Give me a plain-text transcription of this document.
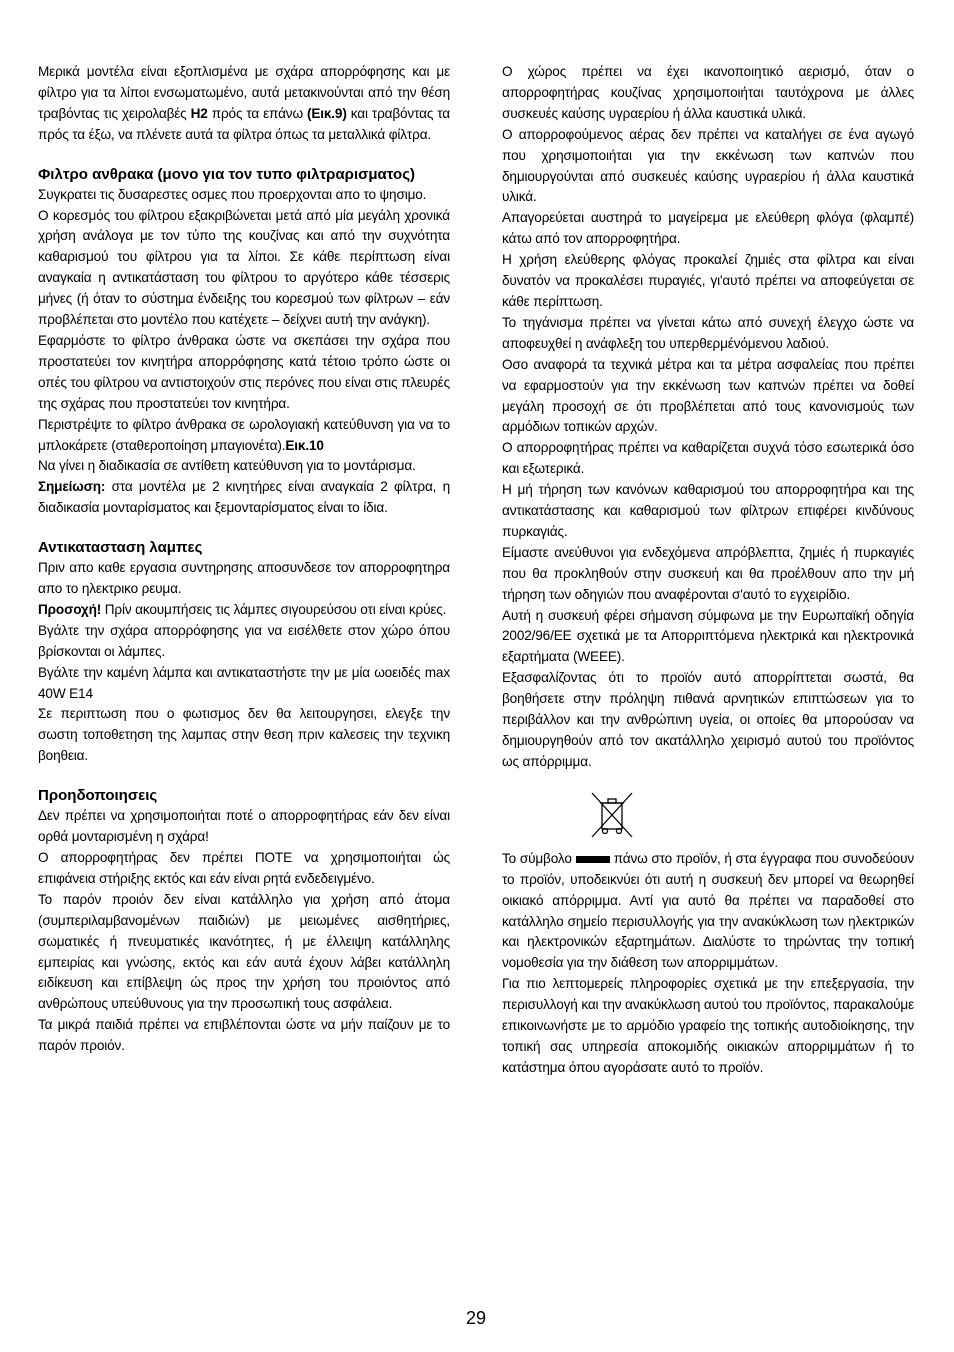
Μερικά μοντέλα είναι εξοπλισμένα με σχάρα απορρόφησης και με φίλτρο για τα λίποι ενσωματωμένο, αυτά μετακινούνται από την θέση τραβόντας τις χειρολαβές H2 πρός τα επάνω (Εικ.9) και τραβόντας τα πρός τα έξω, να πλένετε αυτά τα φίλτρα όπως τα μεταλλικά φίλτρα.

Φιλτρο ανθρακα (μονο για τον τυπο φιλτραρισματος)

Συγκρατει τις δυσαρεστες οσμες που προερχονται απο το ψησιμο.

Ο κορεσμός του φίλτρου εξακριβώνεται μετά από μία μεγάλη χρονικά χρήση ανάλογα με τον τύπο της κουζίνας και από την συχνότητα καθαρισμού του φίλτρου για τα λίποι. Σε κάθε περίπτωση είναι αναγκαία η αντικατάσταση του φίλτρου το αργότερο κάθε τέσσερις μήνες (ή όταν το σύστημα ένδειξης του κορεσμού των φίλτρων – εάν προβλέπεται στο μοντέλο που κατέχετε – δείχνει αυτή την ανάγκη).

Εφαρμόστε το φίλτρο άνθρακα ώστε να σκεπάσει την σχάρα που προστατεύει τον κινητήρα απορρόφησης κατά τέτοιο τρόπο ώστε οι οπές του φίλτρου να αντιστοιχούν στις περόνες που είναι στις πλευρές της σχάρας που προστατεύει τον κινητήρα.

Περιστρέψτε το φίλτρο άνθρακα σε ωρολογιακή κατεύθυνση για να το μπλοκάρετε (σταθεροποίηση μπαγιονέτα).Εικ.10

Να γίνει η διαδικασία σε αντίθετη κατεύθυνση για το μοντάρισμα.

Σημείωση: στα μοντέλα με 2 κινητήρες είναι αναγκαία 2 φίλτρα, η διαδικασία μονταρίσματος και ξεμονταρίσματος είναι το ίδια.

Αντικατασταση λαμπες

Πριν απο καθε εργασια συντηρησης αποσυνδεσε τον απορροφητηρα απο το ηλεκτρικο ρευμα.

Προσοχή! Πρίν ακουμπήσεις τις λάμπες σιγουρεύσου οτι είναι κρύες.

Βγάλτε την σχάρα απορρόφησης για να εισέλθετε στον χώρο όπου βρίσκονται οι λάμπες.

Βγάλτε την καμένη λάμπα και αντικαταστήστε την με μία ωοειδές max 40W E14

Σε περιπτωση που ο φωτισμος δεν θα λειτουργησει, ελεγξε την σωστη τοποθετηση της λαμπας στην θεση πριν καλεσεις την τεχνικη βοηθεια.

Προηδοποιησεις

Δεν πρέπει να χρησιμοποιήται ποτέ ο απορροφητήρας εάν δεν είναι ορθά μονταρισμένη η σχάρα!

Ο απορροφητήρας δεν πρέπει ΠΟΤΕ να χρησιμοποιήται ώς επιφάνεια στήριξης εκτός και εάν είναι ρητά ενδεδειγμένο.

Το παρόν προιόν δεν είναι κατάλληλο για χρήση από άτομα (συμπεριλαμβανομένων παιδιών) με μειωμένες αισθητήριες, σωματικές ή πνευματικές ικανότητες, ή με έλλειψη κατάλληλης εμπειρίας και γνώσης, εκτός και εάν αυτά έχουν λάβει κατάλληλη ειδίκευση και επίβλεψη ώς προς την χρήση του προιόντος από ανθρώπους υπεύθυνους για την προσωπική τους ασφάλεια.

Τα μικρά παιδιά πρέπει να επιβλέπονται ώστε να μήν παίζουν με το παρόν προιόν.

Ο χώρος πρέπει να έχει ικανοποιητικό αερισμό, όταν ο απορροφητήρας κουζίνας χρησιμοποιήται ταυτόχρονα με άλλες συσκευές καύσης υγραερίου ή άλλα καυστικά υλικά.

Ο απορροφούμενος αέρας δεν πρέπει να καταλήγει σε ένα αγωγό που χρησιμοποιήται για την εκκένωση των καπνών που δημιουργούνται από συσκευές καύσης υγραερίου ή άλλα καυστικά υλικά.

Απαγορεύεται αυστηρά το μαγείρεμα με ελεύθερη φλόγα (φλαμπέ) κάτω από τον απορροφητήρα.

Η χρήση ελεύθερης φλόγας προκαλεί ζημιές στα φίλτρα και είναι δυνατόν να προκαλέσει πυραγιές, γι'αυτό πρέπει να αποφεύγεται σε κάθε περίπτωση.

Το τηγάνισμα πρέπει να γίνεται κάτω από συνεχή έλεγχο ώστε να αποφευχθεί η ανάφλεξη του υπερθερμένόμενου λαδιού.

Οσο αναφορά τα τεχνικά μέτρα και τα μέτρα ασφαλείας που πρέπει να εφαρμοστούν για την εκκένωση των καπνών πρέπει να δοθεί μεγάλη προσοχή σε ότι προβλέπεται από τους κανονισμούς των αρμόδιων τοπικών αρχών.

Ο απορροφητήρας πρέπει να καθαρίζεται συχνά τόσο εσωτερικά όσο και εξωτερικά.

Η μή τήρηση των κανόνων καθαρισμού του απορροφητήρα και της αντικατάστασης και καθαρισμού των φίλτρων επιφέρει κινδύνους πυρκαγιάς.

Είμαστε ανεύθυνοι για ενδεχόμενα απρόβλεπτα, ζημιές ή πυρκαγιές που θα προκληθούν στην συσκευή και θα προέλθουν απο την μή τήρηση των οδηγιών που αναφέρονται σ'αυτό το εγχειρίδιο.

Αυτή η συσκευή φέρει σήμανση σύμφωνα με την Ευρωπαϊκή οδηγία 2002/96/ΕΕ σχετικά με τα Απορριπτόμενα ηλεκτρικά και ηλεκτρονικά εξαρτήματα (WEEE).

Εξασφαλίζοντας ότι το προϊόν αυτό απορρίπτεται σωστά, θα βοηθήσετε στην πρόληψη πιθανά αρνητικών επιπτώσεων για το περιβάλλον και την ανθρώπινη υγεία, οι οποίες θα μπορούσαν να δημιουργηθούν από τον ακατάλληλο χειρισμό αυτού του προϊόντος ως απόρριμμα.

Το σύμβολο	πάνω στο προϊόν, ή στα έγγραφα που συνοδεύουν το προϊόν, υποδεικνύει ότι αυτή η συσκευή δεν μπορεί να θεωρηθεί οικιακό απόρριμμα. Αντί για αυτό θα πρέπει να παραδοθεί στο κατάλληλο σημείο περισυλλογής για την ανακύκλωση των ηλεκτρικών και ηλεκτρονικών εξαρτημάτων. Διαλύστε το τηρώντας την τοπική νομοθεσία για την διάθεση των απορριμμάτων.

Για πιο λεπτομερείς πληροφορίες σχετικά με την επεξεργασία, την περισυλλογή και την ανακύκλωση αυτού του προϊόντος, παρακαλούμε επικοινωνήστε με το αρμόδιο γραφείο της τοπικής αυτοδιοίκησης, την τοπική σας υπηρεσία αποκομιδής οικιακών απορριμμάτων ή το κατάστημα όπου αγοράσατε αυτό το προϊόν.

29
